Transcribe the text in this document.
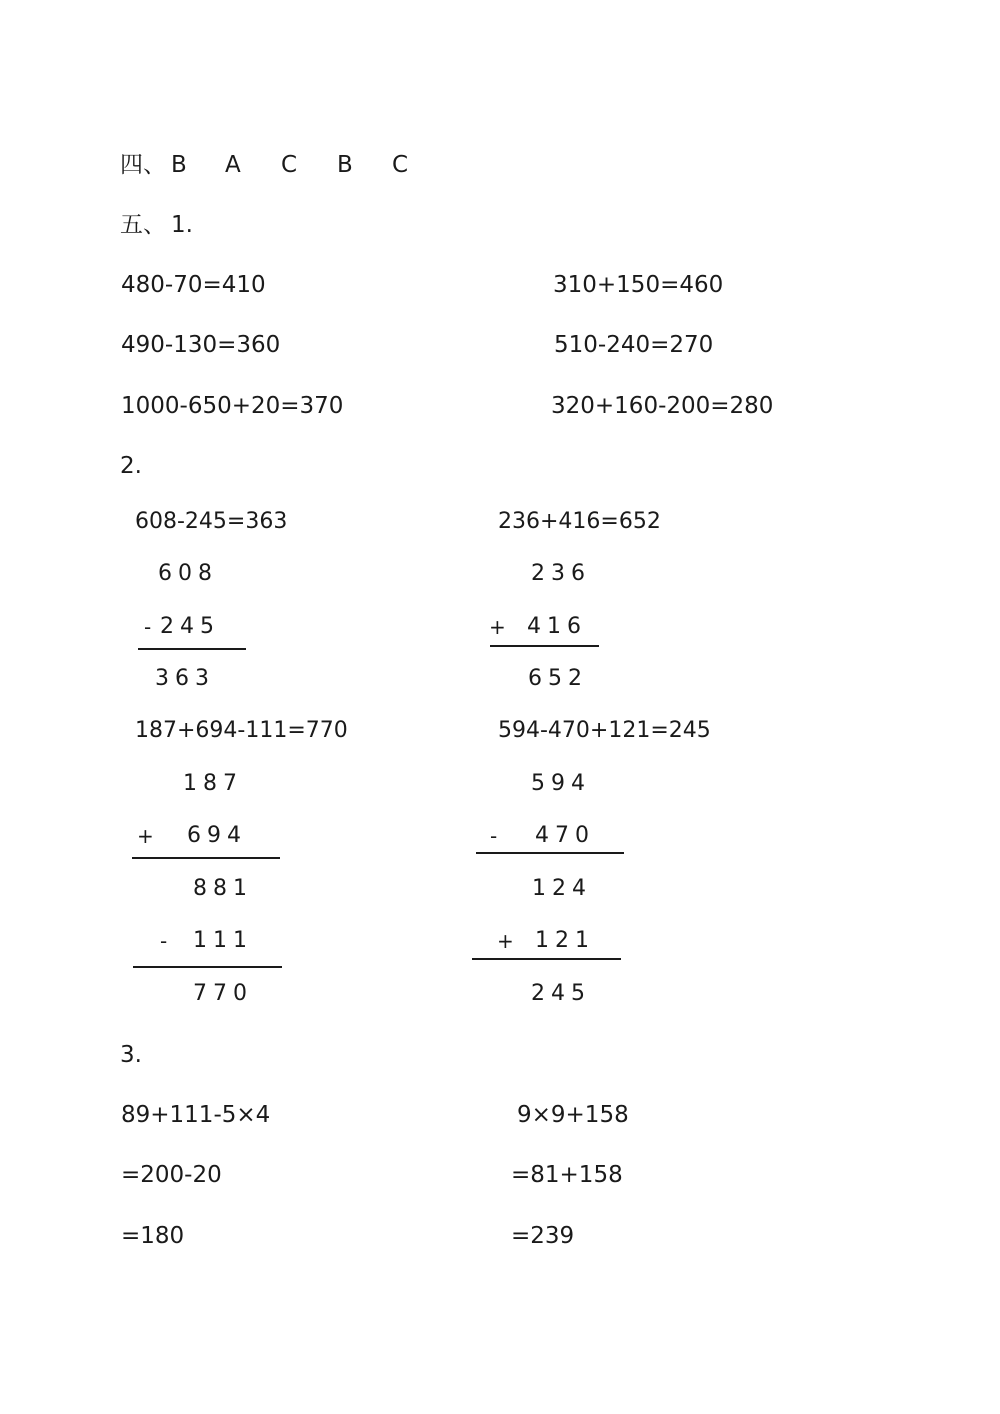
四、 B A C B C
五、 1.
480-70=410	310+150=460
490-130=360	510-240=270
1000-650+20=370	320+160-200=280
2.
608-245=363
608
- 245
363
236+416=652
236
+ 416
652
187+694-111=770
187
+ 694
881
- 111
770
594-470+121=245
594
- 470
124
+ 121
245
3.
89+111-5×4
=200-20
=180
9×9+158
=81+158
=239
